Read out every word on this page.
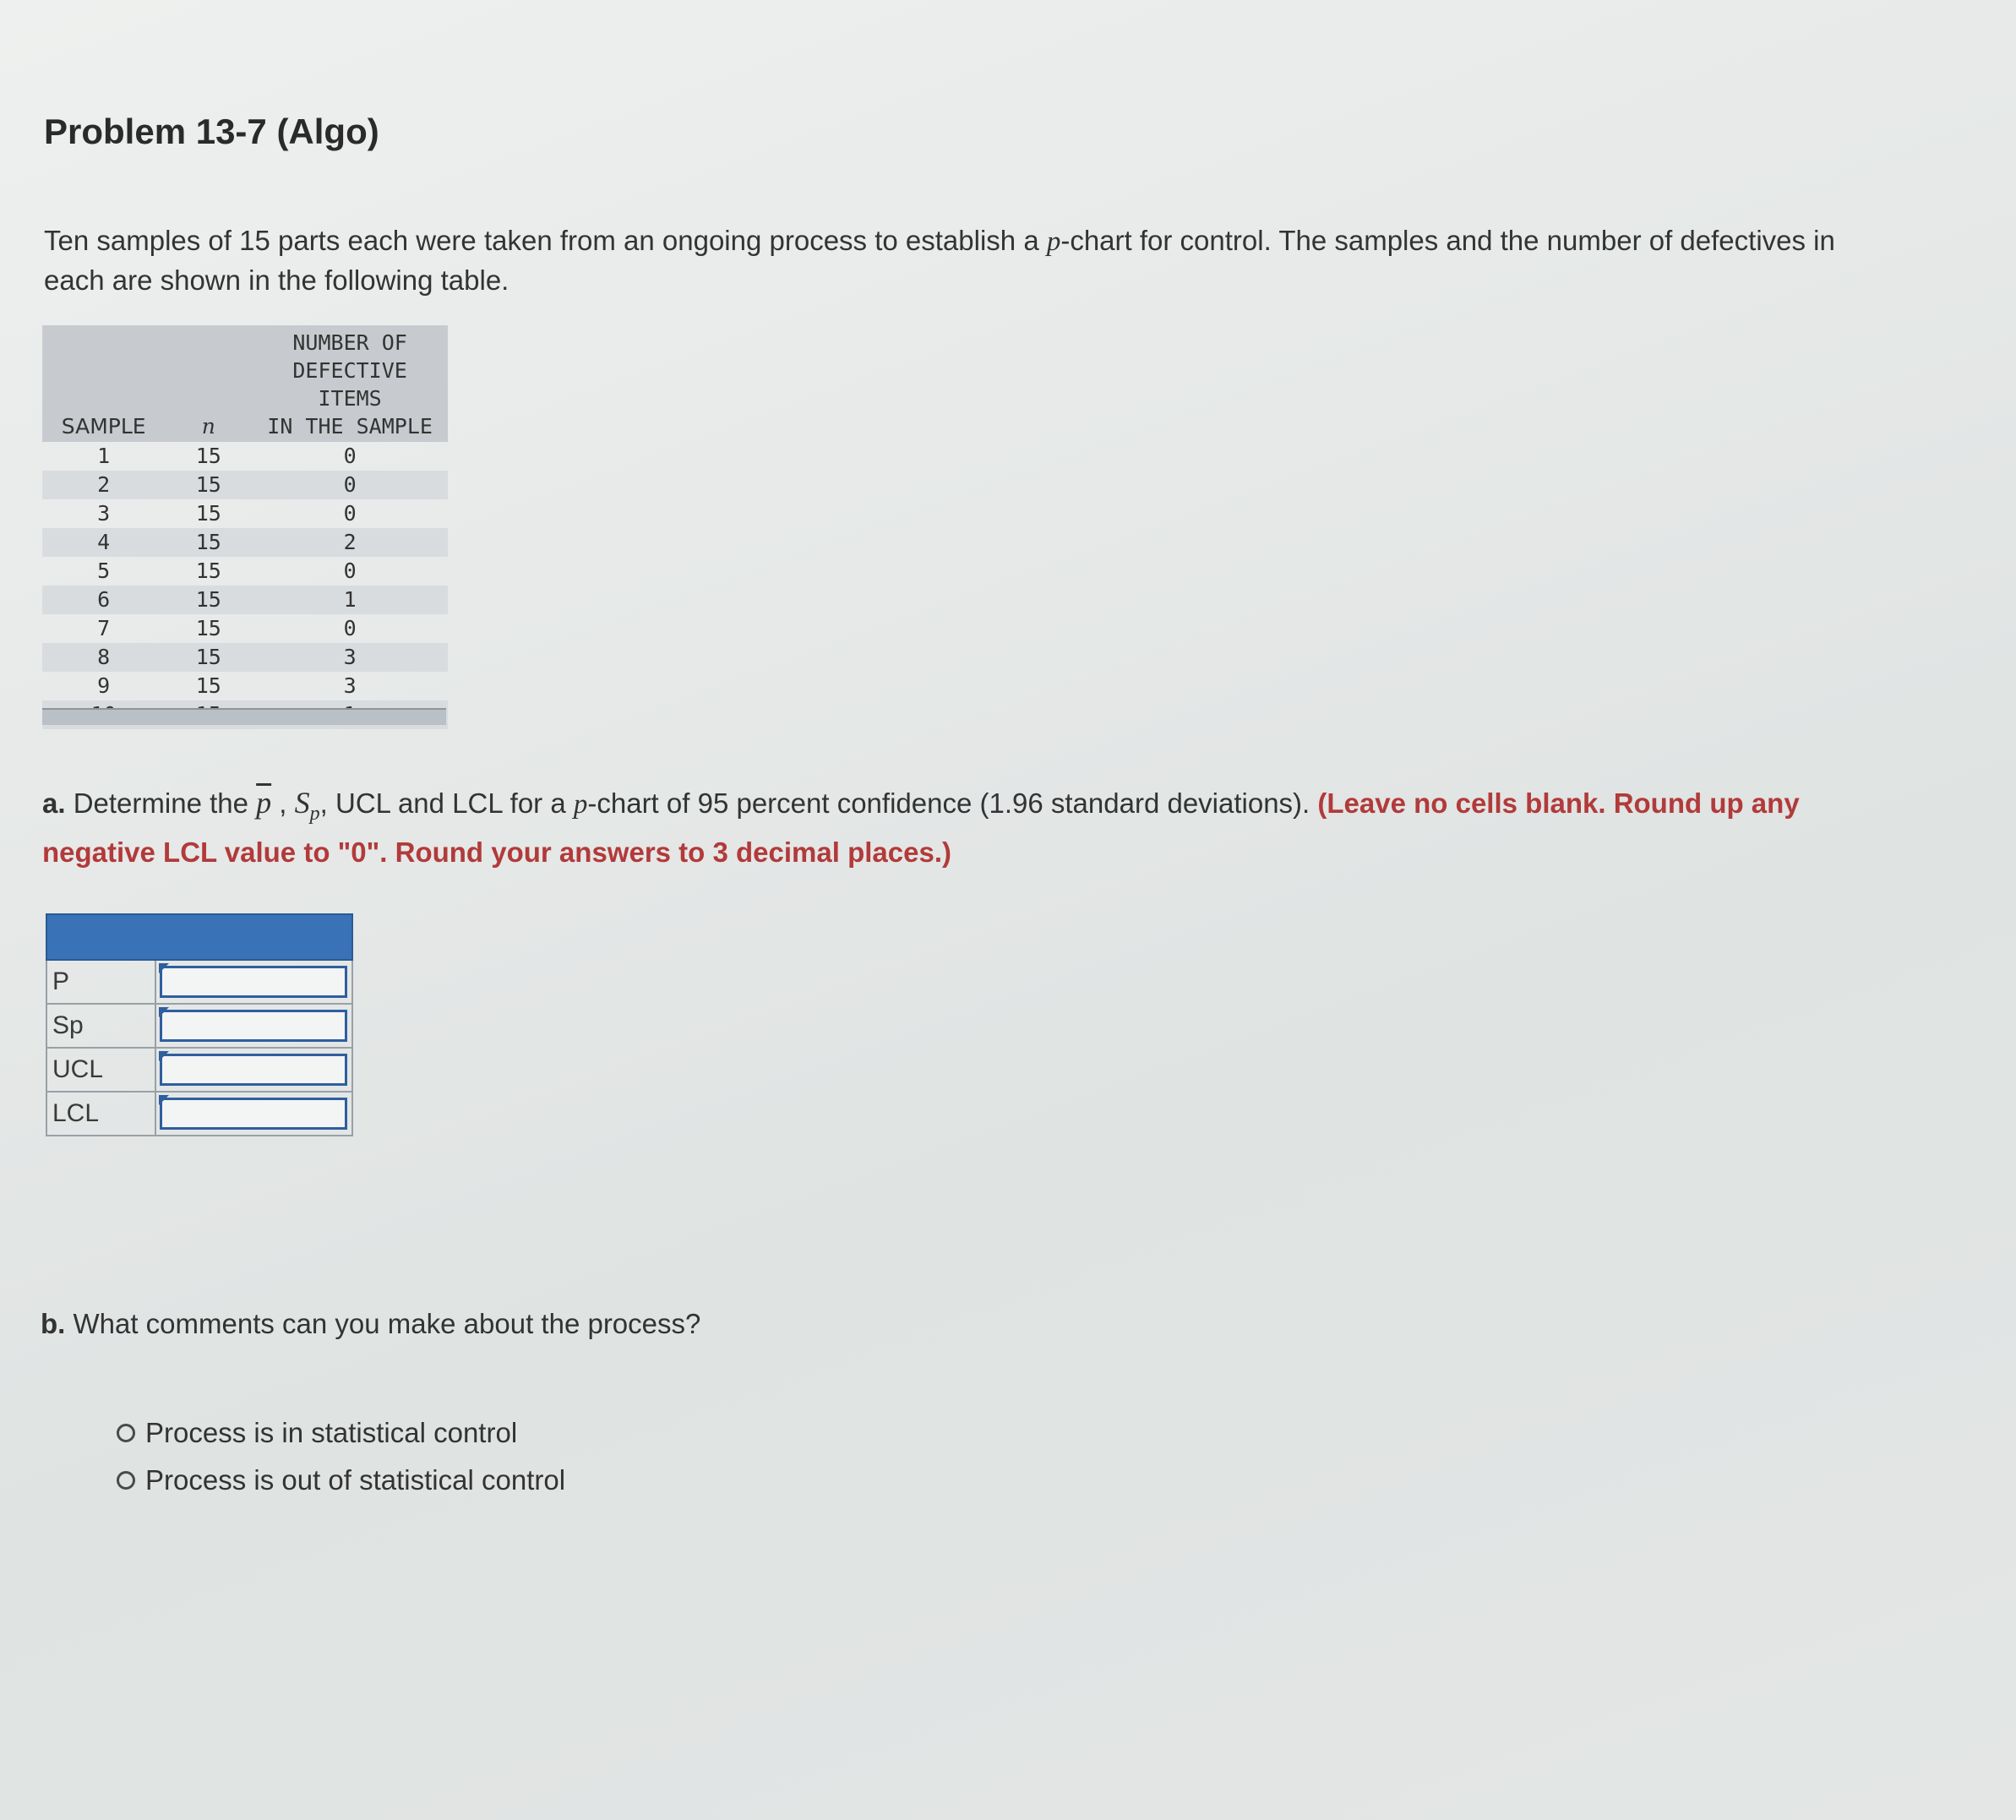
Problem 13-7 (Algo)
Ten samples of 15 parts each were taken from an ongoing process to establish a p-chart for control. The samples and the number of defectives in each are shown in the following table.
SAMPLE	n	NUMBER OF
DEFECTIVE ITEMS
IN THE SAMPLE

1	15	0
2	15	0
3	15	0
4	15	2
5	15	0
6	15	1
7	15	0
8	15	3
9	15	3

a. Determine the $\overline{p}$ , $S_p$, UCL and LCL for a p-chart of 95 percent confidence (1.96 standard deviations). (Leave no cells blank. Round up any negative LCL value to "0". Round your answers to 3 decimal places.)

P	

Sp	

UCL	

LCL	
b. What comments can you make about the process?
Process is in statistical control
Process is out of statistical control
